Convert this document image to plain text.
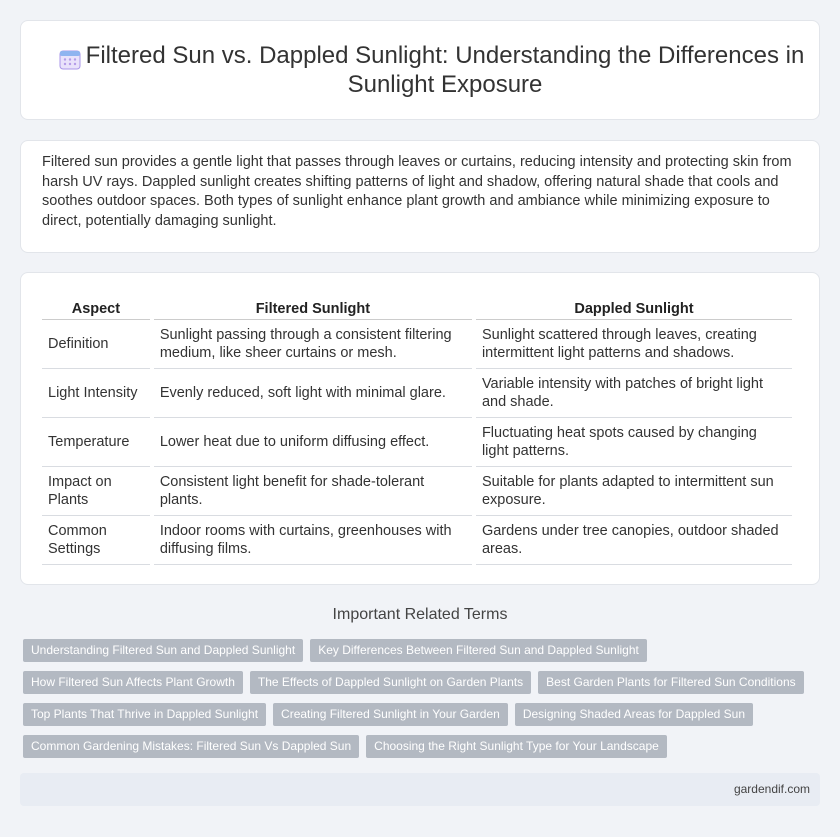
Filtered Sun vs. Dappled Sunlight: Understanding the Differences in Sunlight Exposure

Filtered sun provides a gentle light that passes through leaves or curtains, reducing intensity and protecting skin from harsh UV rays. Dappled sunlight creates shifting patterns of light and shadow, offering natural shade that cools and soothes outdoor spaces. Both types of sunlight enhance plant growth and ambiance while minimizing exposure to direct, potentially damaging sunlight.

Aspect	Filtered Sunlight	Dappled Sunlight
Definition	Sunlight passing through a consistent filtering medium, like sheer curtains or mesh.	Sunlight scattered through leaves, creating intermittent light patterns and shadows.
Light Intensity	Evenly reduced, soft light with minimal glare.	Variable intensity with patches of bright light and shade.
Temperature	Lower heat due to uniform diffusing effect.	Fluctuating heat spots caused by changing light patterns.
Impact on Plants	Consistent light benefit for shade-tolerant plants.	Suitable for plants adapted to intermittent sun exposure.
Common Settings	Indoor rooms with curtains, greenhouses with diffusing films.	Gardens under tree canopies, outdoor shaded areas.
Important Related Terms
Understanding Filtered Sun and Dappled Sunlight	Key Differences Between Filtered Sun and Dappled Sunlight
How Filtered Sun Affects Plant Growth	The Effects of Dappled Sunlight on Garden Plants	Best Garden Plants for Filtered Sun Conditions
Top Plants That Thrive in Dappled Sunlight	Creating Filtered Sunlight in Your Garden	Designing Shaded Areas for Dappled Sun
Common Gardening Mistakes: Filtered Sun Vs Dappled Sun	Choosing the Right Sunlight Type for Your Landscape
gardendif.com
